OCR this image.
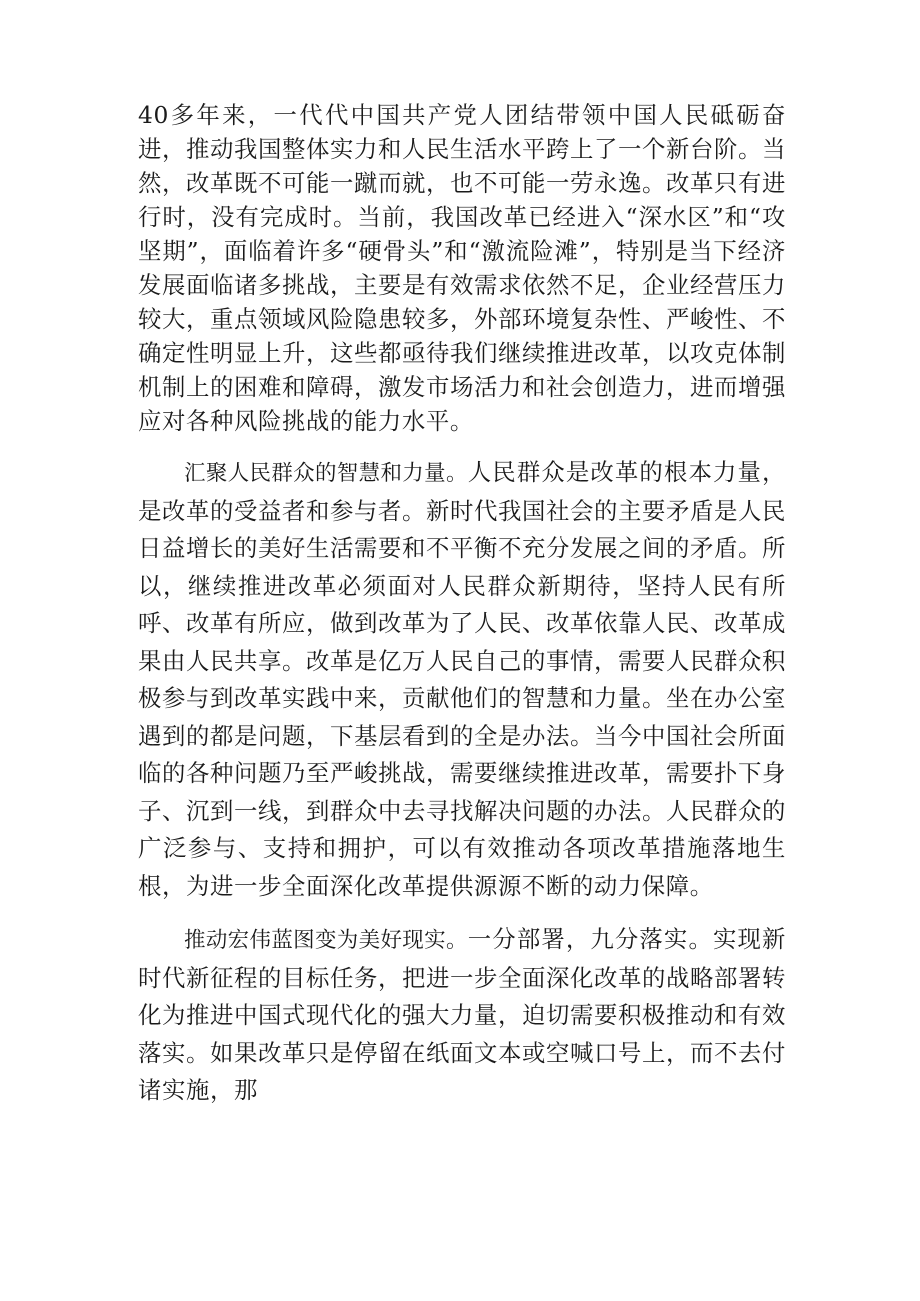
40多年来，一代代中国共产党人团结带领中国人民砥砺奋进，推动我国整体实力和人民生活水平跨上了一个新台阶。当然，改革既不可能一蹴而就，也不可能一劳永逸。改革只有进行时，没有完成时。当前，我国改革已经进入“深水区”和“攻坚期”，面临着许多“硬骨头”和“激流险滩”，特别是当下经济发展面临诸多挑战，主要是有效需求依然不足，企业经营压力较大，重点领域风险隐患较多，外部环境复杂性、严峻性、不确定性明显上升，这些都亟待我们继续推进改革，以攻克体制机制上的困难和障碍，激发市场活力和社会创造力，进而增强应对各种风险挑战的能力水平。

汇聚人民群众的智慧和力量。人民群众是改革的根本力量，是改革的受益者和参与者。新时代我国社会的主要矛盾是人民日益增长的美好生活需要和不平衡不充分发展之间的矛盾。所以，继续推进改革必须面对人民群众新期待，坚持人民有所呼、改革有所应，做到改革为了人民、改革依靠人民、改革成果由人民共享。改革是亿万人民自己的事情，需要人民群众积极参与到改革实践中来，贡献他们的智慧和力量。坐在办公室遇到的都是问题，下基层看到的全是办法。当今中国社会所面临的各种问题乃至严峻挑战，需要继续推进改革，需要扑下身子、沉到一线，到群众中去寻找解决问题的办法。人民群众的广泛参与、支持和拥护，可以有效推动各项改革措施落地生根，为进一步全面深化改革提供源源不断的动力保障。

推动宏伟蓝图变为美好现实。一分部署，九分落实。实现新时代新征程的目标任务，把进一步全面深化改革的战略部署转化为推进中国式现代化的强大力量，迫切需要积极推动和有效落实。如果改革只是停留在纸面文本或空喊口号上，而不去付诸实施，那
